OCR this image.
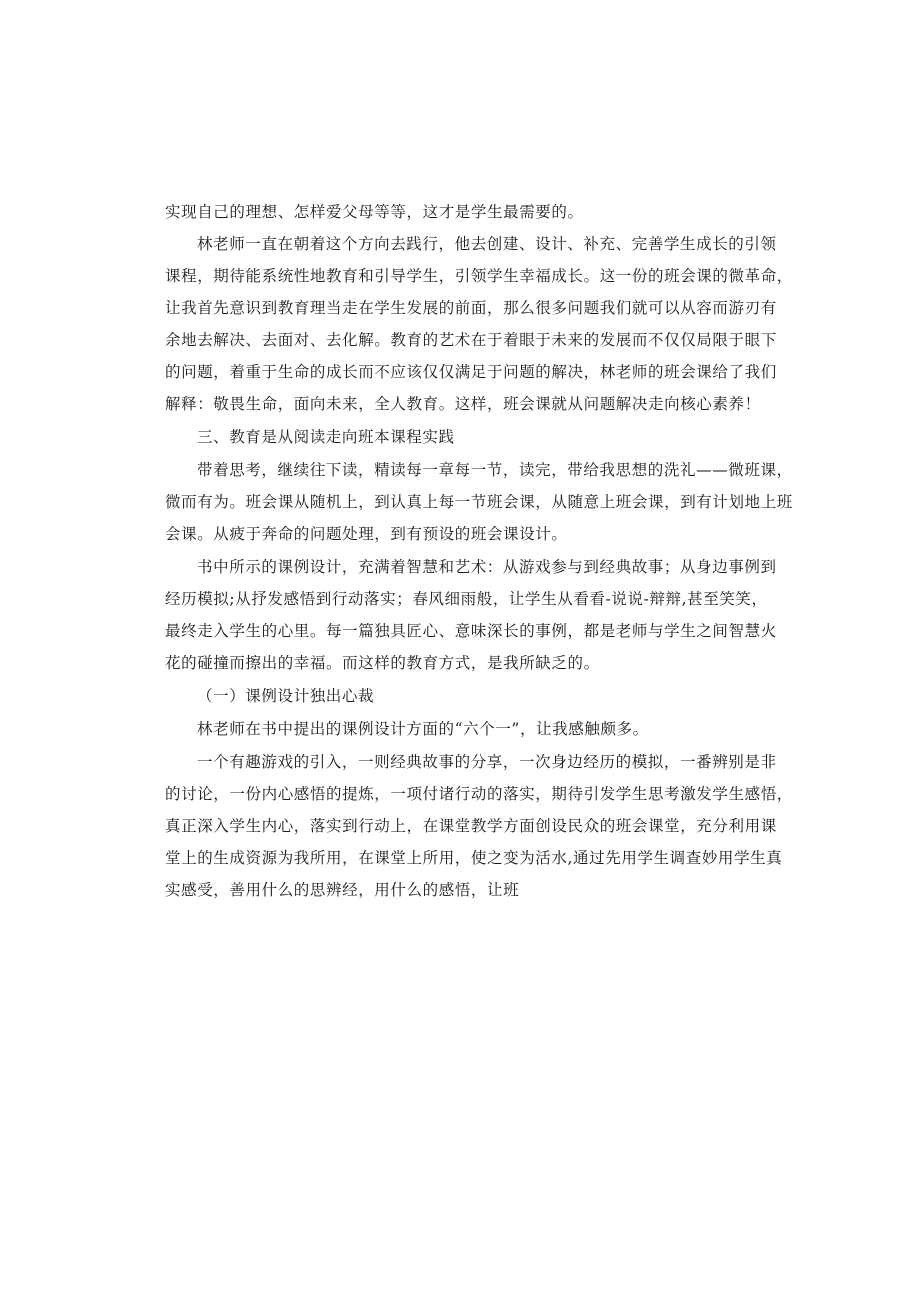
实现自己的理想、怎样爱父母等等，这才是学生最需要的。
林老师一直在朝着这个方向去践行，他去创建、设计、补充、完善学生成长的引领
课程，期待能系统性地教育和引导学生，引领学生幸福成长。这一份的班会课的微革命，
让我首先意识到教育理当走在学生发展的前面，那么很多问题我们就可以从容而游刃有
余地去解决、去面对、去化解。教育的艺术在于着眼于未来的发展而不仅仅局限于眼下
的问题，着重于生命的成长而不应该仅仅满足于问题的解决，林老师的班会课给了我们
解释：敬畏生命，面向未来，全人教育。这样，班会课就从问题解决走向核心素养！
三、教育是从阅读走向班本课程实践
带着思考，继续往下读，精读每一章每一节，读完，带给我思想的洗礼——微班课，
微而有为。班会课从随机上，到认真上每一节班会课，从随意上班会课，到有计划地上班
会课。从疲于奔命的问题处理，到有预设的班会课设计。
书中所示的课例设计，充满着智慧和艺术：从游戏参与到经典故事；从身边事例到
经历模拟;从抒发感悟到行动落实；春风细雨般，让学生从看看-说说-辩辩,甚至笑笑，
最终走入学生的心里。每一篇独具匠心、意味深长的事例，都是老师与学生之间智慧火
花的碰撞而擦出的幸福。而这样的教育方式，是我所缺乏的。
（一）课例设计独出心裁
林老师在书中提出的课例设计方面的“六个一”，让我感触颇多。
一个有趣游戏的引入，一则经典故事的分享，一次身边经历的模拟，一番辨别是非
的讨论，一份内心感悟的提炼，一项付诸行动的落实，期待引发学生思考激发学生感悟，
真正深入学生内心，落实到行动上，在课堂教学方面创设民众的班会课堂，充分利用课
堂上的生成资源为我所用，在课堂上所用，使之变为活水,通过先用学生调查妙用学生真
实感受，善用什么的思辨经，用什么的感悟，让班
